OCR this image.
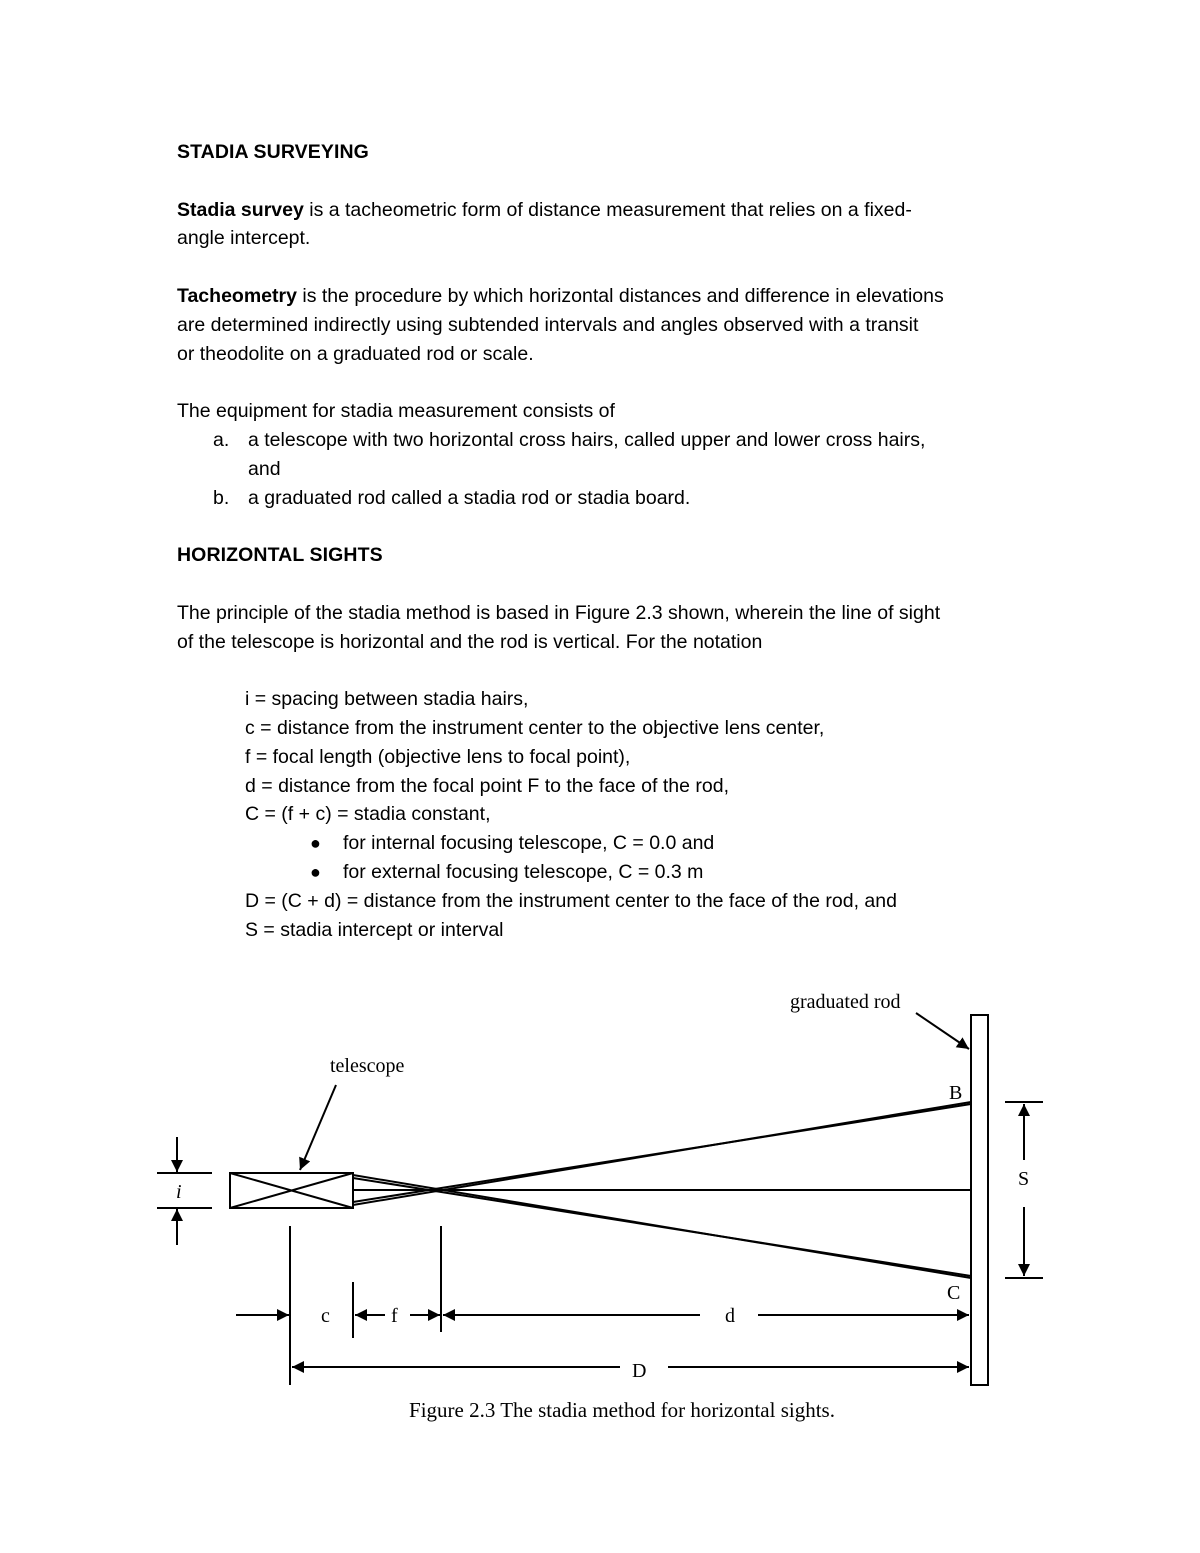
STADIA SURVEYING

Stadia survey is a tacheometric form of distance measurement that relies on a fixed-

angle intercept.

Tacheometry is the procedure by which horizontal distances and difference in elevations

are determined indirectly using subtended intervals and angles observed with a transit

or theodolite on a graduated rod or scale.

The equipment for stadia measurement consists of

a. a telescope with two horizontal cross hairs, called upper and lower cross hairs,
and
b. a graduated rod called a stadia rod or stadia board.

HORIZONTAL SIGHTS

The principle of the stadia method is based in Figure 2.3 shown, wherein the line of sight

of the telescope is horizontal and the rod is vertical. For the notation

i = spacing between stadia hairs,

c = distance from the instrument center to the objective lens center,

f = focal length (objective lens to focal point),

d = distance from the focal point F to the face of the rod,

C = (f + c) = stadia constant,

● for internal focusing telescope, C = 0.0 and
● for external focusing telescope, C = 0.3 m

D = (C + d) = distance from the instrument center to the face of the rod, and

S = stadia intercept or interval

graduated rod
telescope
B
C
S
i
c	f	d
D
Figure 2.3 The stadia method for horizontal sights.
